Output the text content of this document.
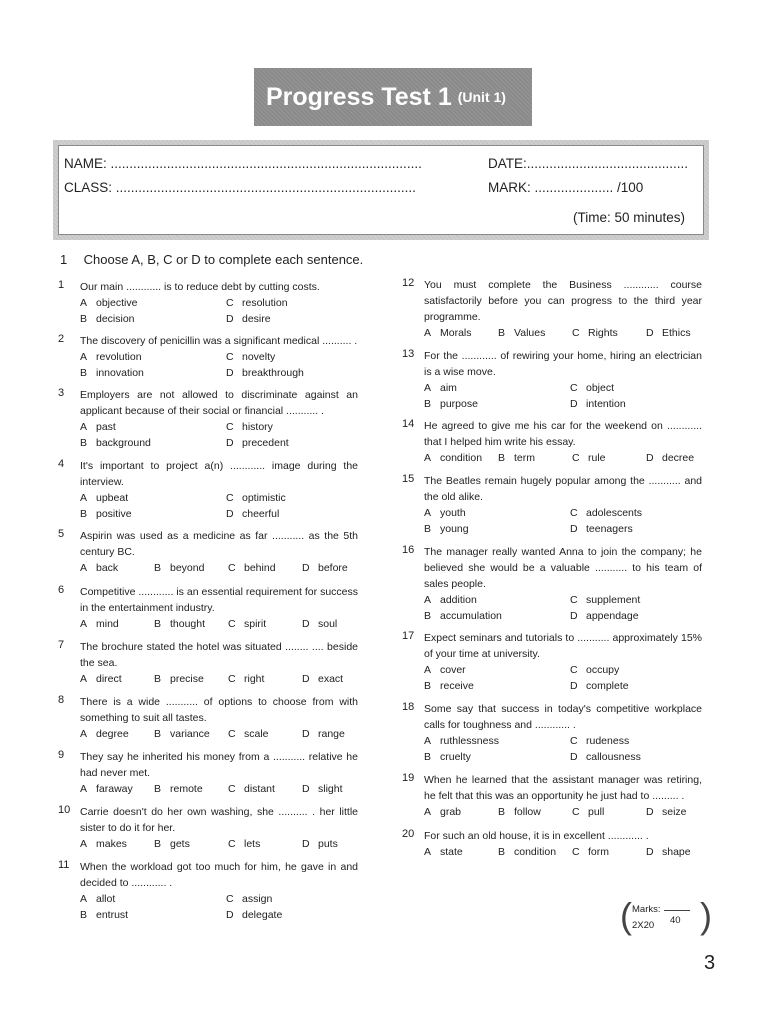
Progress Test 1 (Unit 1)
NAME: ...................................................................................	DATE:...........................................
CLASS: ................................................................................	MARK: ..................... /100
(Time: 50 minutes)
1 Choose A, B, C or D to complete each sentence.
1 Our main ............ is to reduce debt by cutting costs.
A objective	C resolution
B decision	D desire
2 The discovery of penicillin was a significant medical .......... .
A revolution	C novelty
B innovation	D breakthrough
3 Employers are not allowed to discriminate against an applicant because of their social or financial ........... .
A past	C history
B background	D precedent
4 It's important to project a(n) ............ image during the interview.
A upbeat	C optimistic
B positive	D cheerful
5 Aspirin was used as a medicine as far ........... as the 5th century BC.
A back	B beyond	C behind	D before
6 Competitive ............ is an essential requirement for success in the entertainment industry.
A mind	B thought	C spirit	D soul
7 The brochure stated the hotel was situated ........ .... beside the sea.
A direct	B precise	C right	D exact
8 There is a wide ........... of options to choose from with something to suit all tastes.
A degree	B variance	C scale	D range
9 They say he inherited his money from a ........... relative he had never met.
A faraway	B remote	C distant	D slight
10 Carrie doesn't do her own washing, she .......... . her little sister to do it for her.
A makes	B gets	C lets	D puts
11 When the workload got too much for him, he gave in and decided to ............ .
A allot	C assign
B entrust	D delegate
12 You must complete the Business ............ course satisfactorily before you can progress to the third year programme.
A Morals	B Values	C Rights	D Ethics
13 For the ............ of rewiring your home, hiring an electrician is a wise move.
A aim	C object
B purpose	D intention
14 He agreed to give me his car for the weekend on ............ that I helped him write his essay.
A condition	B term	C rule	D decree
15 The Beatles remain hugely popular among the ........... and the old alike.
A youth	C adolescents
B young	D teenagers
16 The manager really wanted Anna to join the company; he believed she would be a valuable ........... to his team of sales people.
A addition	C supplement
B accumulation	D appendage
17 Expect seminars and tutorials to ........... approximately 15% of your time at university.
A cover	C occupy
B receive	D complete
18 Some say that success in today's competitive workplace calls for toughness and ............ .
A ruthlessness	C rudeness
B cruelty	D callousness
19 When he learned that the assistant manager was retiring, he felt that this was an opportunity he just had to ......... .
A grab	B follow	C pull	D seize
20 For such an old house, it is in excellent ............ .
A state	B condition	C form	D shape
( Marks:
40
2X20 )
3
